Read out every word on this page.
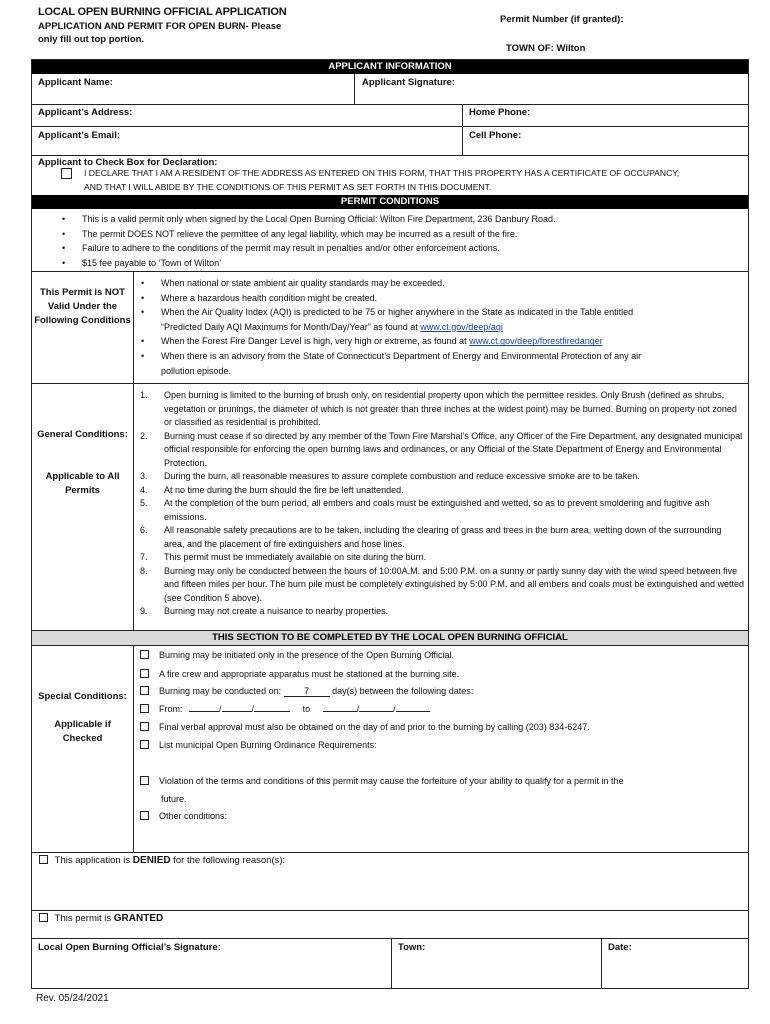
LOCAL OPEN BURNING OFFICIAL APPLICATION
APPLICATION AND PERMIT FOR OPEN BURN- Please only fill out top portion.
Permit Number (if granted):
TOWN OF: Wilton
APPLICANT INFORMATION
Applicant Name:	Applicant Signature:
Applicant’s Address:	Home Phone:
Applicant’s Email:	Cell Phone:
Applicant to Check Box for Declaration:
I DECLARE THAT I AM A RESIDENT OF THE ADDRESS AS ENTERED ON THIS FORM, THAT THIS PROPERTY HAS A CERTIFICATE OF OCCUPANCY,
AND THAT I WILL ABIDE BY THE CONDITIONS OF THIS PERMIT AS SET FORTH IN THIS DOCUMENT.
PERMIT CONDITIONS
• This is a valid permit only when signed by the Local Open Burning Official: Wilton Fire Department, 236 Danbury Road.
• The permit DOES NOT relieve the permittee of any legal liability, which may be incurred as a result of the fire.
• Failure to adhere to the conditions of the permit may result in penalties and/or other enforcement actions.
• $15 fee payable to ‘Town of Wilton’
This Permit is NOT Valid Under the Following Conditions
• When national or state ambient air quality standards may be exceeded.
• Where a hazardous health condition might be created.
• When the Air Quality Index (AQI) is predicted to be 75 or higher anywhere in the State as indicated in the Table entitled
“Predicted Daily AQI Maximums for Month/Day/Year” as found at www.ct.gov/deep/aqi
• When the Forest Fire Danger Level is high, very high or extreme, as found at www.ct.gov/deep/forestfiredanger
• When there is an advisory from the State of Connecticut’s Department of Energy and Environmental Protection of any air
pollution episode.
General Conditions:
Applicable to All Permits
1. Open burning is limited to the burning of brush only, on residential property upon which the permittee resides. Only Brush (defined as shrubs, vegetation or prunings, the diameter of which is not greater than three inches at the widest point) may be burned. Burning on property not zoned or classified as residential is prohibited.
2. Burning must cease if so directed by any member of the Town Fire Marshal’s Office, any Officer of the Fire Department, any designated municipal official responsible for enforcing the open burning laws and ordinances, or any Official of the State Department of Energy and Environmental Protection.
3. During the burn, all reasonable measures to assure complete combustion and reduce excessive smoke are to be taken.
4. At no time during the burn should the fire be left unattended.
5. At the completion of the burn period, all embers and coals must be extinguished and wetted, so as to prevent smoldering and fugitive ash emissions.
6. All reasonable safety precautions are to be taken, including the clearing of grass and trees in the burn area, wetting down of the surrounding area, and the placement of fire extinguishers and hose lines.
7. This permit must be immediately available on site during the burn.
8. Burning may only be conducted between the hours of 10:00A.M. and 5:00 P.M. on a sunny or partly sunny day with the wind speed between five and fifteen miles per hour. The burn pile must be completely extinguished by 5:00 P.M. and all embers and coals must be extinguished and wetted (see Condition 5 above).
9. Burning may not create a nuisance to nearby properties.
THIS SECTION TO BE COMPLETED BY THE LOCAL OPEN BURNING OFFICIAL
Special Conditions:
Applicable if Checked
Burning may be initiated only in the presence of the Open Burning Official.
A fire crew and appropriate apparatus must be stationed at the burning site.
Burning may be conducted on:	7	day(s) between the following dates:
From:	/	/	to	/	/
Final verbal approval must also be obtained on the day of and prior to the burning by calling (203) 834-6247.
List municipal Open Burning Ordinance Requirements:
Violation of the terms and conditions of this permit may cause the forfeiture of your ability to qualify for a permit in the
future.
Other conditions:
This application is DENIED for the following reason(s):
This permit is GRANTED
Local Open Burning Official’s Signature:	Town:	Date:
Rev. 05/24/2021
